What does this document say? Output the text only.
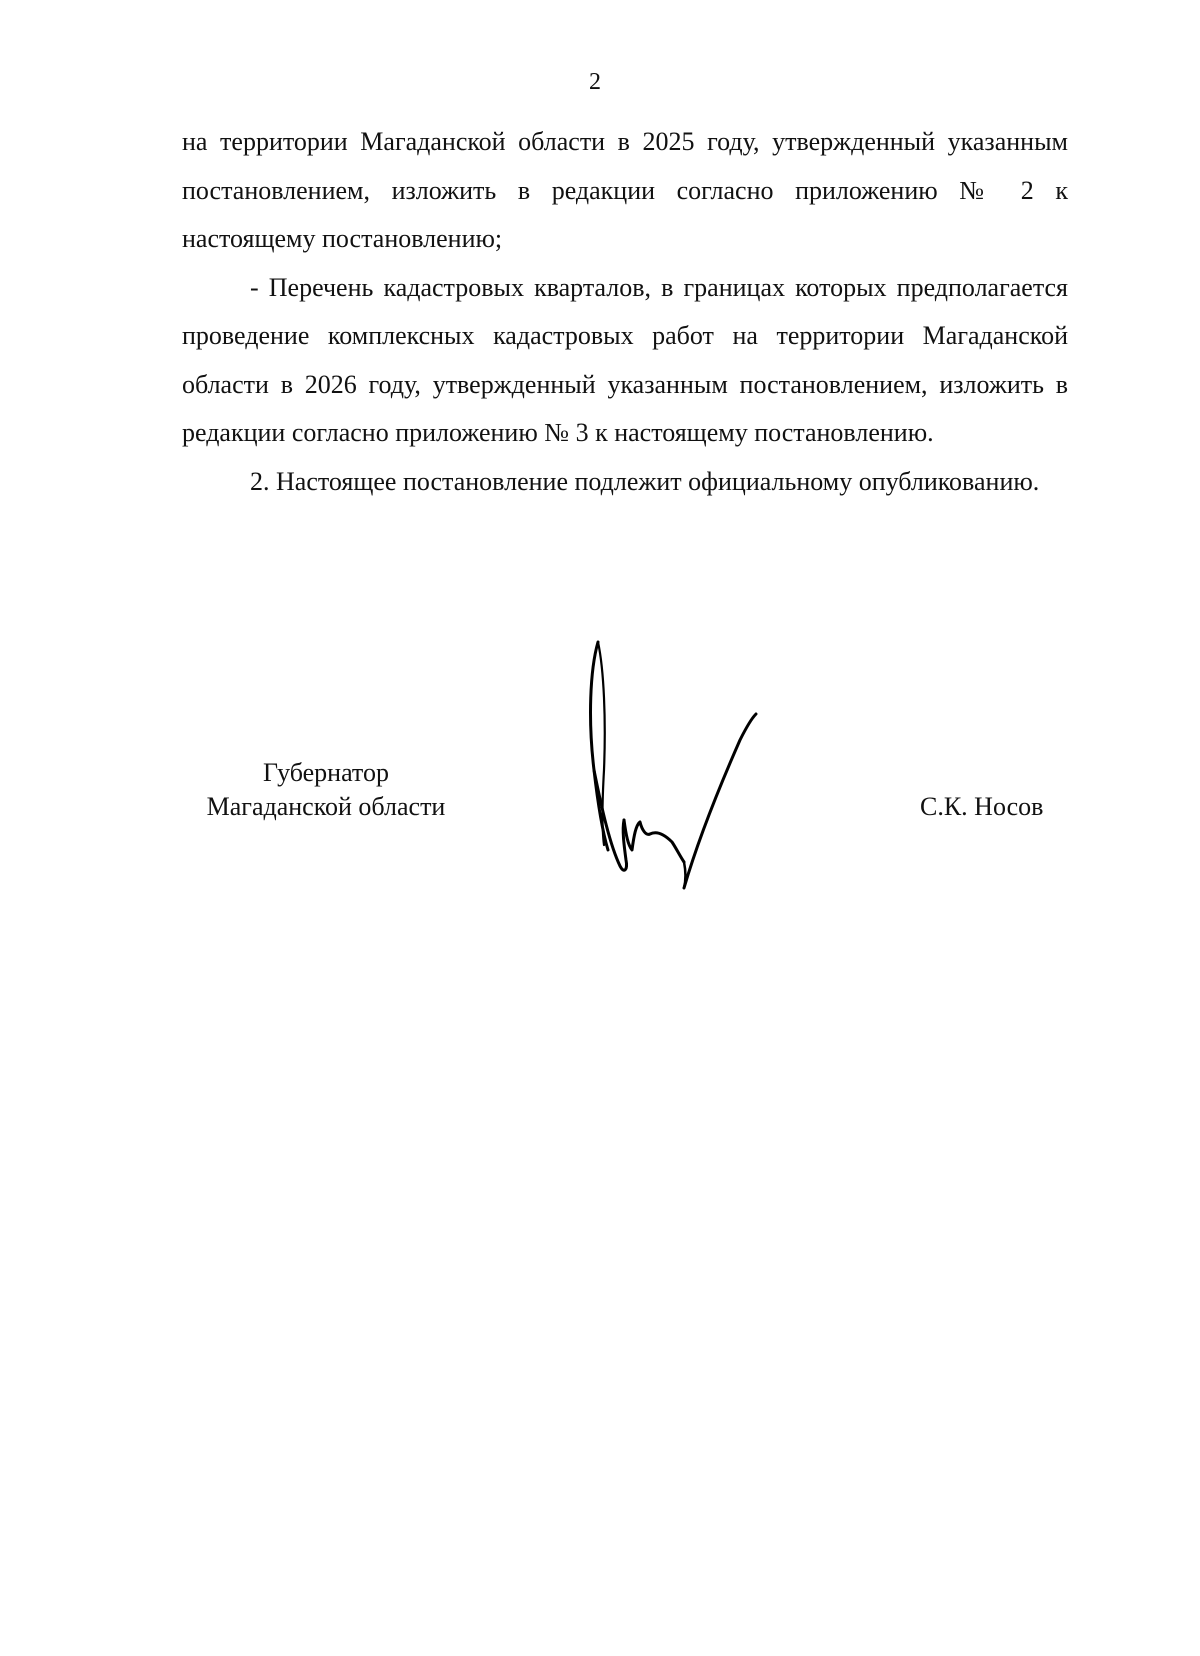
2

на территории Магаданской области в 2025 году, утвержденный указанным постановлением, изложить в редакции согласно приложению № 2 к настоящему постановлению;

- Перечень кадастровых кварталов, в границах которых предполагается проведение комплексных кадастровых работ на территории Магаданской области в 2026 году, утвержденный указанным постановлением, изложить в редакции согласно приложению № 3 к настоящему постановлению.

2. Настоящее постановление подлежит официальному опубликованию.

Губернатор
Магаданской области	С.К. Носов
